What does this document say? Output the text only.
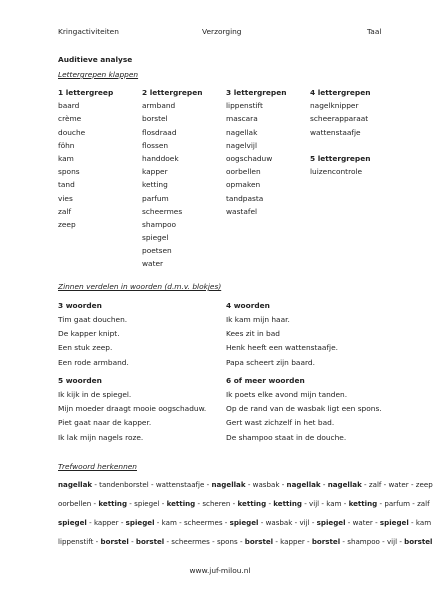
Kringactiviteiten	Verzorging	Taal
Auditieve analyse
Lettergrepen klappen
1 lettergreep
baard
crème
douche
föhn
kam
spons
tand
vies
zalf
zeep
2 lettergrepen
armband
borstel
flosdraad
flossen
handdoek
kapper
ketting
parfum
scheermes
shampoo
spiegel
poetsen
water
3 lettergrepen
lippenstift
mascara
nagellak
nagelvijl
oogschaduw
oorbellen
opmaken
tandpasta
wastafel
4 lettergrepen
nagelknipper
scheerapparaat
wattenstaafje
5 lettergrepen
luizencontrole
Zinnen verdelen in woorden (d.m.v. blokjes)
3 woorden
Tim gaat douchen.
De kapper knipt.
Een stuk zeep.
Een rode armband.
4 woorden
Ik kam mijn haar.
Kees zit in bad
Henk heeft een wattenstaafje.
Papa scheert zijn baard.
5 woorden
Ik kijk in de spiegel.
Mijn moeder draagt mooie oogschaduw.
Piet gaat naar de kapper.
Ik lak mijn nagels roze.
6 of meer woorden
Ik poets elke avond mijn tanden.
Op de rand van de wasbak ligt een spons.
Gert wast zichzelf in het bad.
De shampoo staat in de douche.
Trefwoord herkennen
nagellak - tandenborstel - wattenstaafje - nagellak - wasbak - nagellak - nagellak - zalf - water - zeep
oorbellen - ketting - spiegel - ketting - scheren - ketting - ketting - vijl - kam - ketting - parfum - zalf
spiegel - kapper - spiegel - kam - scheermes - spiegel - wasbak - vijl - spiegel - water - spiegel - kam
lippenstift - borstel - borstel - scheermes - spons - borstel - kapper - borstel - shampoo - vijl - borstel
www.juf-milou.nl
